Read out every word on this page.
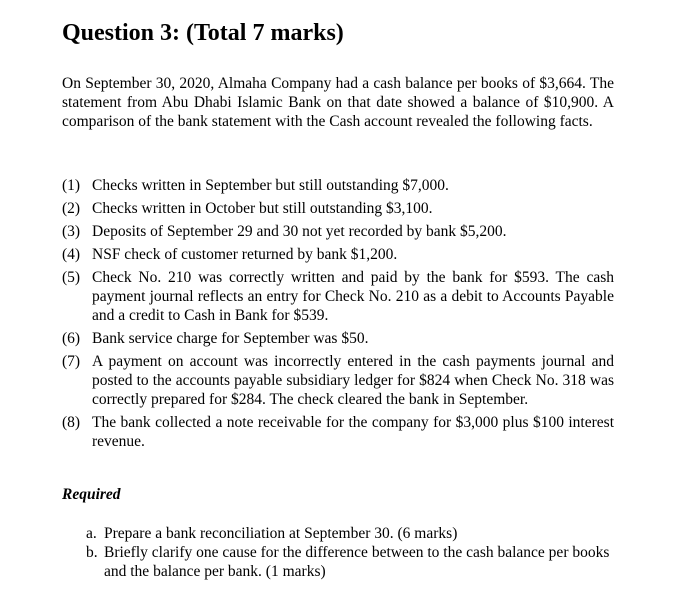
Question 3: (Total 7 marks)
On September 30, 2020, Almaha Company had a cash balance per books of $3,664. The statement from Abu Dhabi Islamic Bank on that date showed a balance of $10,900. A comparison of the bank statement with the Cash account revealed the following facts.
(1) Checks written in September but still outstanding $7,000.
(2) Checks written in October but still outstanding $3,100.
(3) Deposits of September 29 and 30 not yet recorded by bank $5,200.
(4) NSF check of customer returned by bank $1,200.
(5) Check No. 210 was correctly written and paid by the bank for $593. The cash payment journal reflects an entry for Check No. 210 as a debit to Accounts Payable and a credit to Cash in Bank for $539.
(6) Bank service charge for September was $50.
(7) A payment on account was incorrectly entered in the cash payments journal and posted to the accounts payable subsidiary ledger for $824 when Check No. 318 was correctly prepared for $284. The check cleared the bank in September.
(8) The bank collected a note receivable for the company for $3,000 plus $100 interest revenue.
Required
a. Prepare a bank reconciliation at September 30. (6 marks)
b. Briefly clarify one cause for the difference between to the cash balance per books and the balance per bank. (1 marks)
